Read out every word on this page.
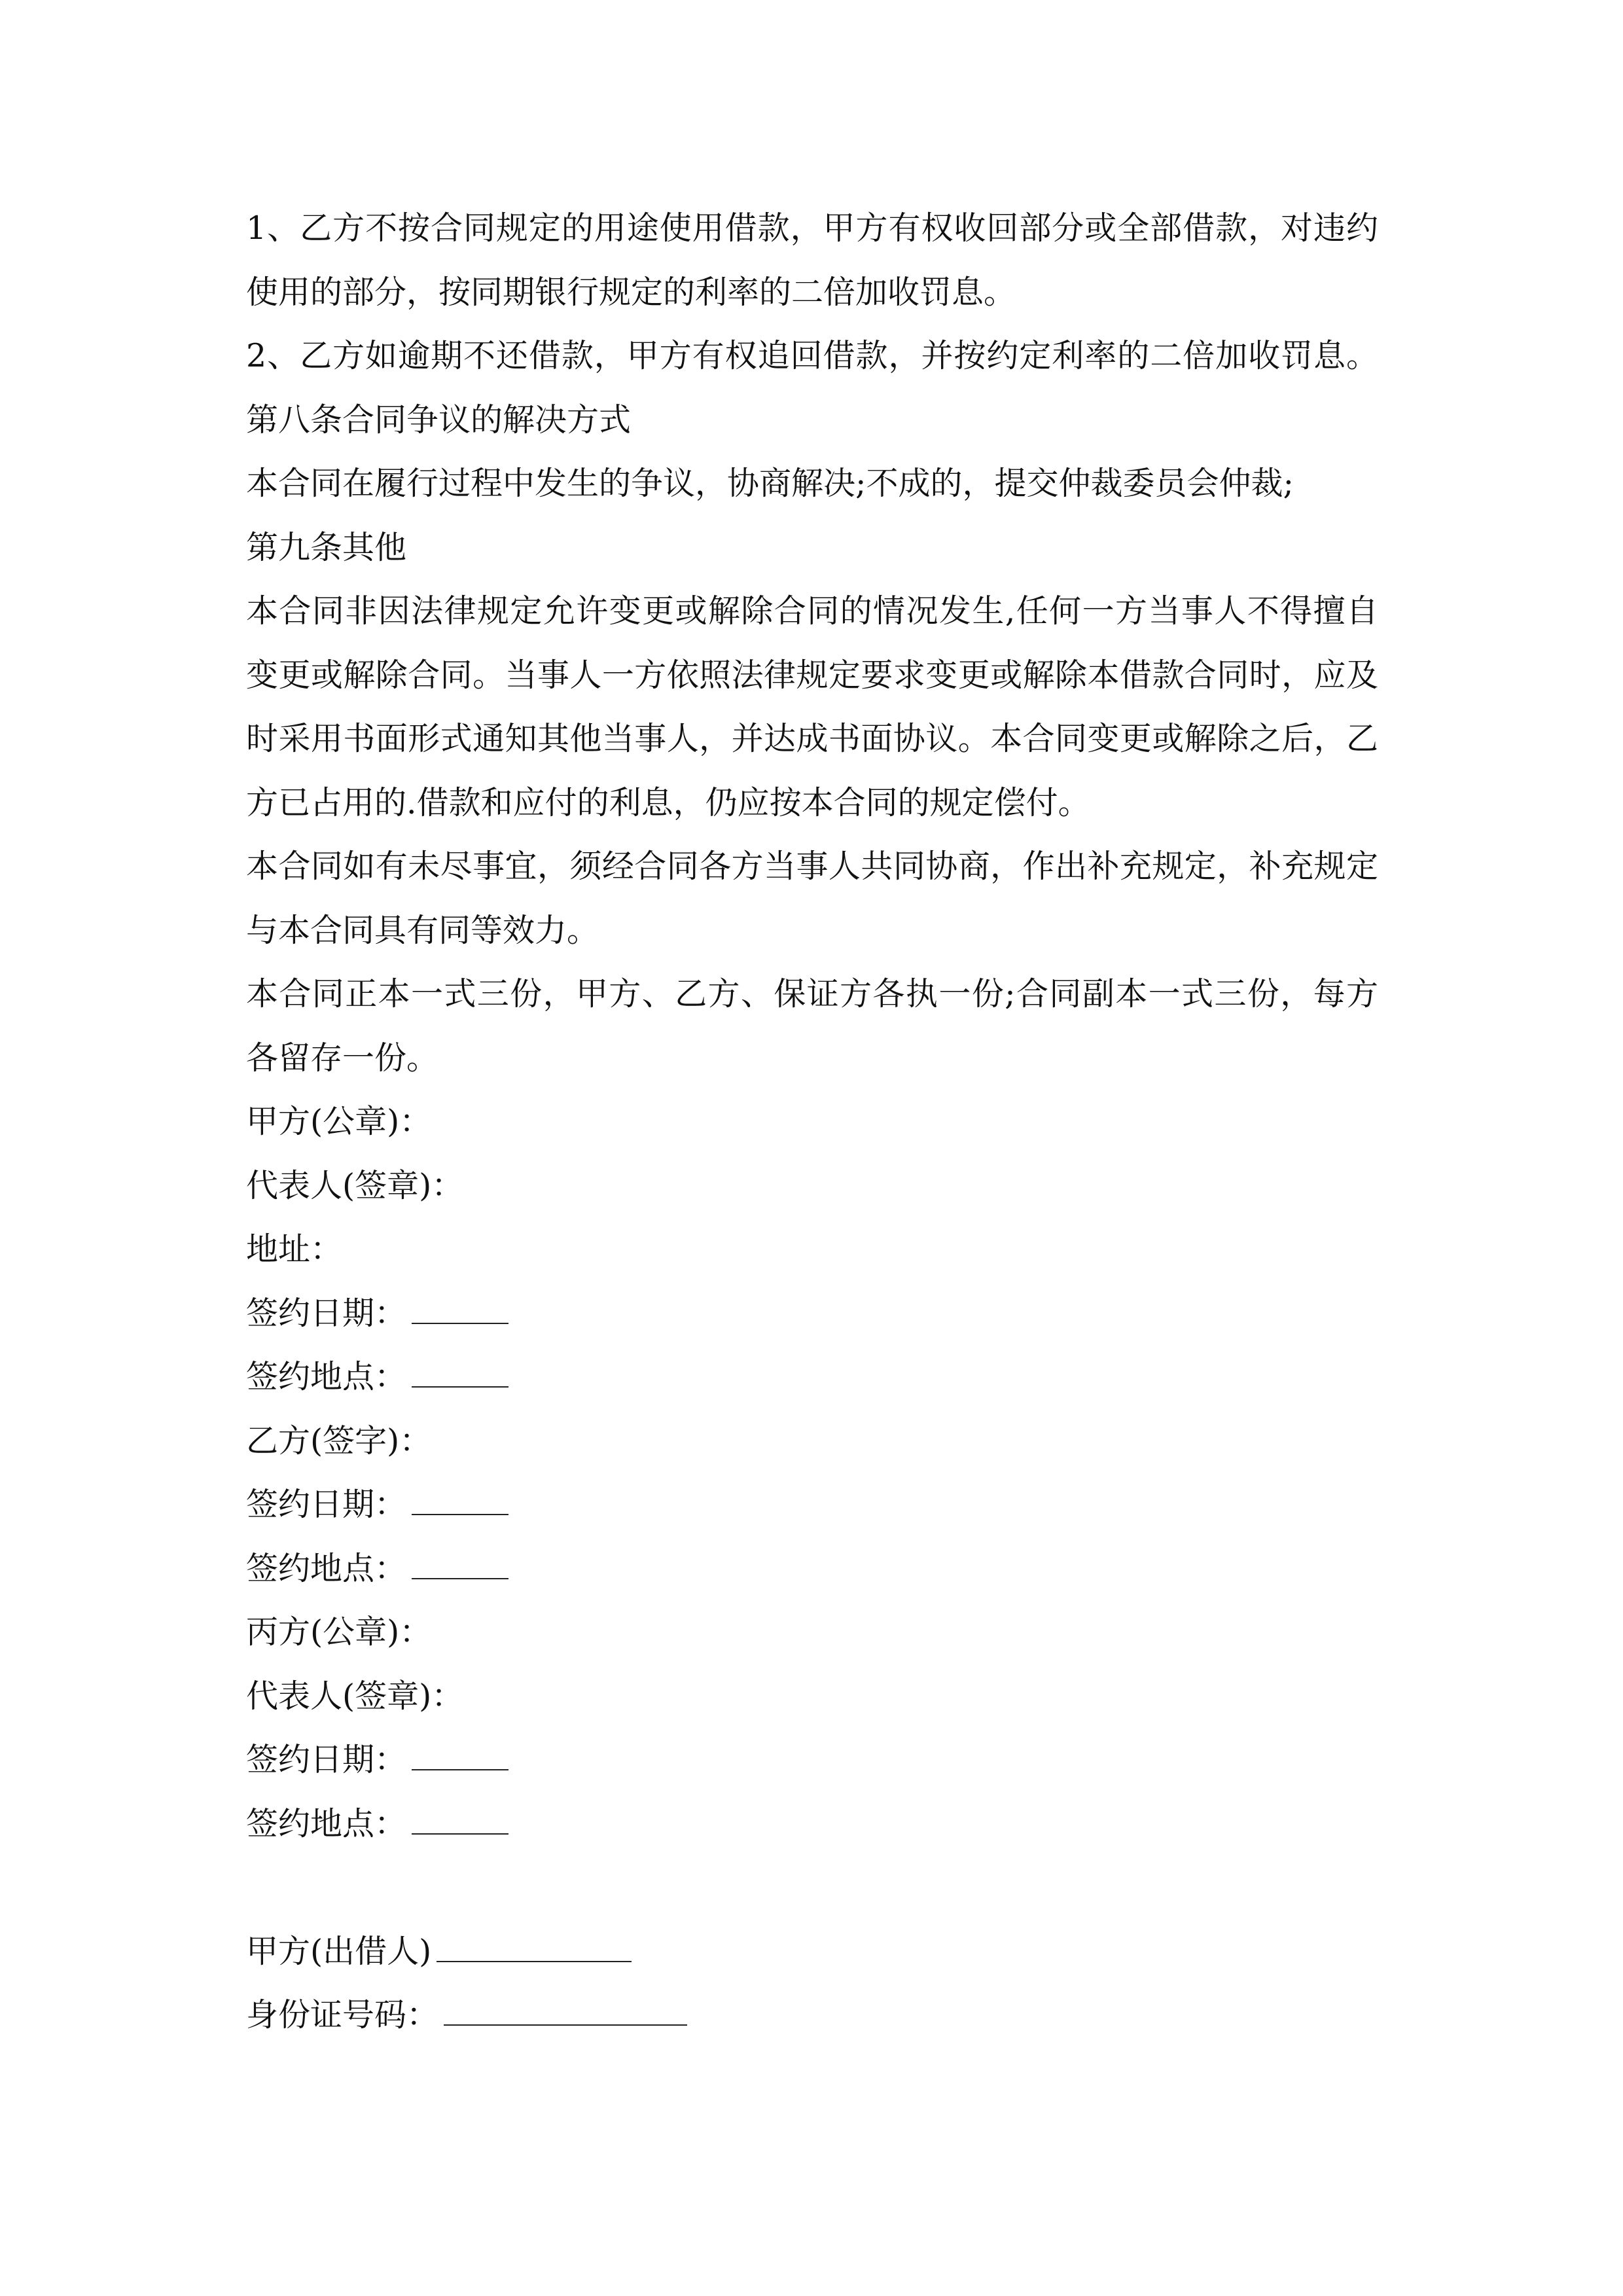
1、乙方不按合同规定的用途使用借款，甲方有权收回部分或全部借款，对违约
使用的部分，按同期银行规定的利率的二倍加收罚息。
2、乙方如逾期不还借款，甲方有权追回借款，并按约定利率的二倍加收罚息。
第八条合同争议的解决方式
本合同在履行过程中发生的争议，协商解决;不成的，提交仲裁委员会仲裁;
第九条其他
本合同非因法律规定允许变更或解除合同的情况发生,任何一方当事人不得擅自
变更或解除合同。当事人一方依照法律规定要求变更或解除本借款合同时，应及
时采用书面形式通知其他当事人，并达成书面协议。本合同变更或解除之后，乙
方已占用的.借款和应付的利息，仍应按本合同的规定偿付。
本合同如有未尽事宜，须经合同各方当事人共同协商，作出补充规定，补充规定
与本合同具有同等效力。
本合同正本一式三份，甲方、乙方、保证方各执一份;合同副本一式三份，每方
各留存一份。
甲方(公章)：
代表人(签章)：
地址：
签约日期：
签约地点：
乙方(签字)：
签约日期：
签约地点：
丙方(公章)：
代表人(签章)：
签约日期：
签约地点：
甲方(出借人)
身份证号码：
